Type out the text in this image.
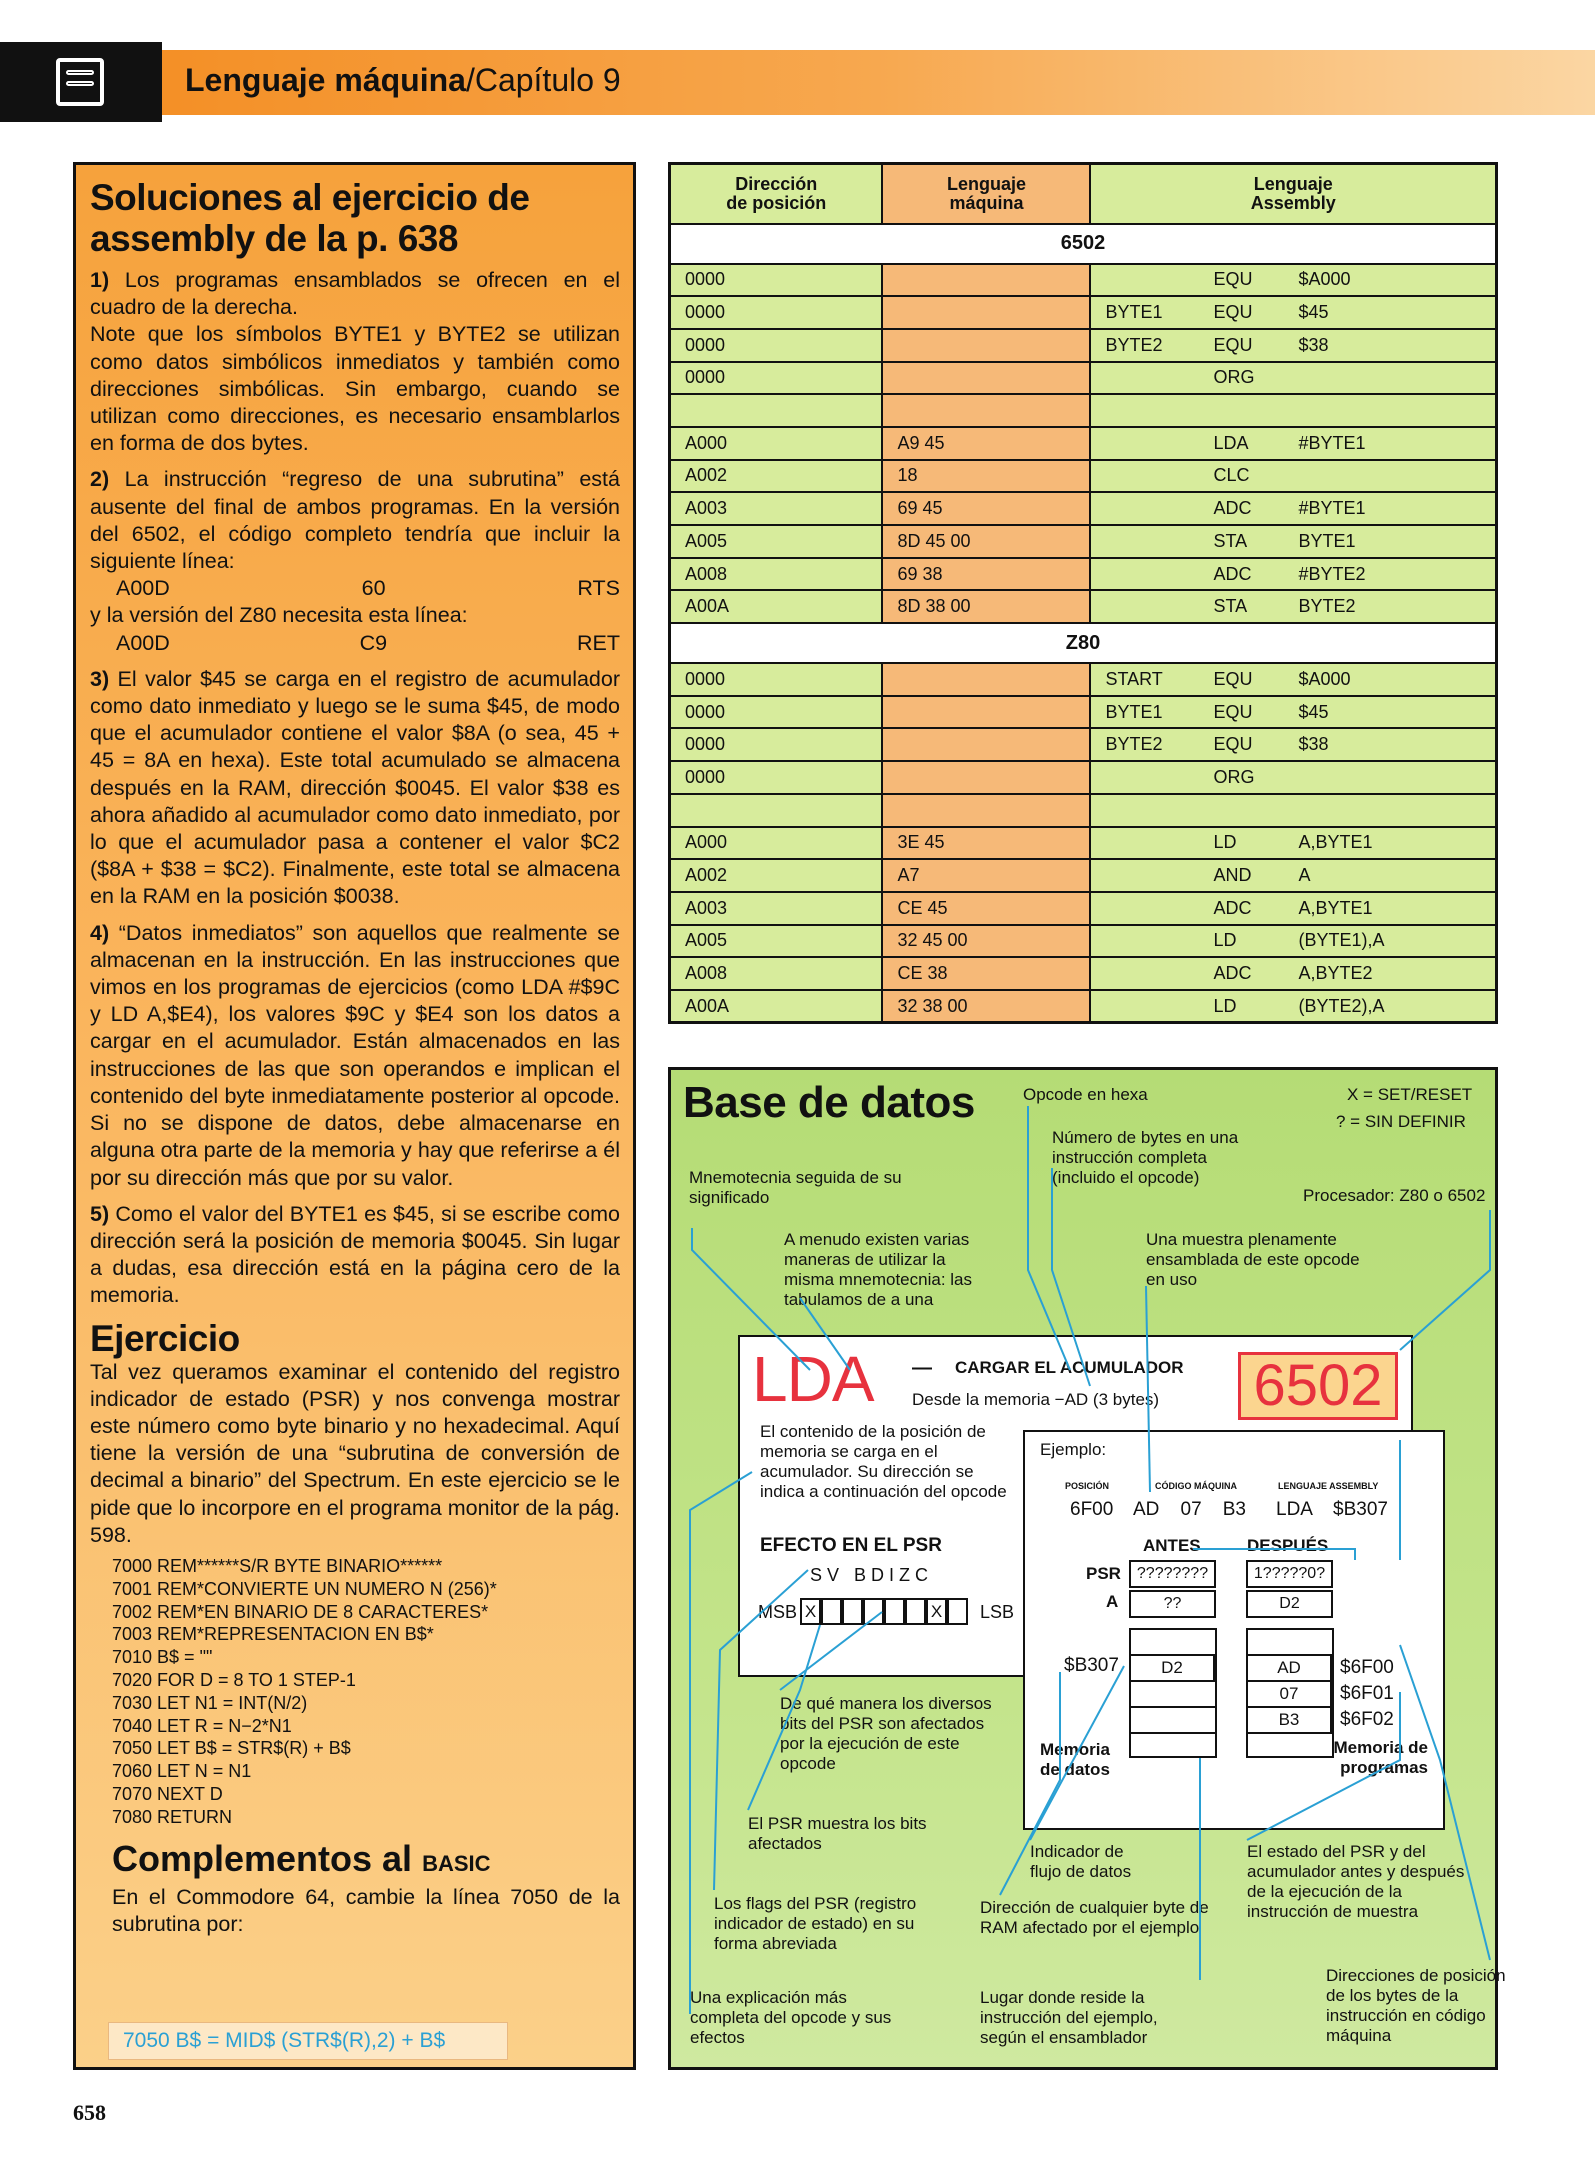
Lenguaje máquina/Capítulo 9
Soluciones al ejercicio de assembly de la p. 638

1) Los programas ensamblados se ofrecen en el cuadro de la derecha.

Note que los símbolos BYTE1 y BYTE2 se utilizan como datos simbólicos inmediatos y también como direcciones simbólicas. Sin embargo, cuando se utilizan como direcciones, es necesario ensamblarlos en forma de dos bytes.

2) La instrucción “regreso de una subrutina” está ausente del final de ambos programas. En la versión del 6502, el código completo tendría que incluir la siguiente línea:

A00D	60	RTS
y la versión del Z80 necesita esta línea:
A00D	C9	RET

3) El valor $45 se carga en el registro de acumulador como dato inmediato y luego se le suma $45, de modo que el acumulador contiene el valor $8A (o sea, 45 + 45 = 8A en hexa). Este total acumulado se almacena después en la RAM, dirección $0045. El valor $38 es ahora añadido al acumulador como dato inmediato, por lo que el acumulador pasa a contener el valor $C2 ($8A + $38 = $C2). Finalmente, este total se almacena en la RAM en la posición $0038.

4) “Datos inmediatos” son aquellos que realmente se almacenan en la instrucción. En las instrucciones que vimos en los programas de ejercicios (como LDA #$9C y LD A,$E4), los valores $9C y $E4 son los datos a cargar en el acumulador. Están almacenados en las instrucciones de las que son operandos e implican el contenido del byte inmediatamente posterior al opcode. Si no se dispone de datos, debe almacenarse en alguna otra parte de la memoria y hay que referirse a él por su dirección más que por su valor.

5) Como el valor del BYTE1 es $45, si se escribe como dirección será la posición de memoria $0045. Sin lugar a dudas, esa dirección está en la página cero de la memoria.

Ejercicio

Tal vez queramos examinar el contenido del registro indicador de estado (PSR) y nos convenga mostrar este número como byte binario y no hexadecimal. Aquí tiene la versión de una “subrutina de conversión de decimal a binario” del Spectrum. En este ejercicio se le pide que lo incorpore en el programa monitor de la pág. 598.

7000 REM******S/R BYTE BINARIO******
7001 REM*CONVIERTE UN NUMERO N (256)*
7002 REM*EN BINARIO DE 8 CARACTERES*
7003 REM*REPRESENTACION EN B$*
7010 B$ = ""
7020 FOR D = 8 TO 1 STEP-1
7030 LET N1 = INT(N/2)
7040 LET R = N−2*N1
7050 LET B$ = STR$(R) + B$
7060 LET N = N1
7070 NEXT D
7080 RETURN
Complementos al BASIC

En el Commodore 64, cambie la línea 7050 de la subrutina por:

7050 B$ = MID$ (STR$(R),2) + B$
658
Dirección
de posición	Lenguaje
máquina	Lenguaje
Assembly
6502		
0000		EQU $A000

0000		BYTE1 EQU $45

0000		BYTE2 EQU $38

0000		ORG

A000	A9 45	LDA #BYTE1

A002	18	CLC

A003	69 45	ADC #BYTE1

A005	8D 45 00	STA BYTE1

A008	69 38	ADC #BYTE2

A00A	8D 38 00	STA BYTE2

Z80		
0000		START EQU $A000

0000		BYTE1 EQU $45

0000		BYTE2 EQU $38

0000		ORG

A000	3E 45	LD A,BYTE1

A002	A7	AND A

A003	CE 45	ADC A,BYTE1

A005	32 45 00	LD (BYTE1),A

A008	CE 38	ADC A,BYTE2

A00A	32 38 00	LD (BYTE2),A
Base de datos	Opcode en hexa	X = SET/RESET
? = SIN DEFINIR
Número de bytes en una instrucción completa (incluido el opcode)
Mnemotecnia seguida de su significado	Procesador: Z80 o 6502
A menudo existen varias maneras de utilizar la misma mnemotecnia: las tabulamos de a una
Una muestra plenamente ensamblada de este opcode en uso
LDA — CARGAR EL ACUMULADOR
Desde la memoria −AD (3 bytes) 6502
El contenido de la posición de memoria se carga en el acumulador. Su dirección se indica a continuación del opcode
EFECTO EN EL PSR
S V   B D I Z C
MSB X	X LSB
Ejemplo:
POSICIÓN	CÓDIGO MÁQUINA	LENGUAJE ASSEMBLY
6F00 AD    07    B3 LDA    $B307
ANTES	DESPUÉS
PSR
A
????????	1?????0?
??	D2
$B307	D2	AD	$6F00
07	$6F01
B3	$6F02
Memoria de datos
Memoria de programas
De qué manera los diversos bits del PSR son afectados por la ejecución de este opcode
El PSR muestra los bits afectados	Indicador de flujo de datos
El estado del PSR y del acumulador antes y después de la ejecución de la instrucción de muestra
Los flags del PSR (registro indicador de estado) en su forma abreviada
Dirección de cualquier byte de RAM afectado por el ejemplo
Una explicación más completa del opcode y sus efectos
Lugar donde reside la instrucción del ejemplo, según el ensamblador
Direcciones de posición de los bytes de la instrucción en código máquina
